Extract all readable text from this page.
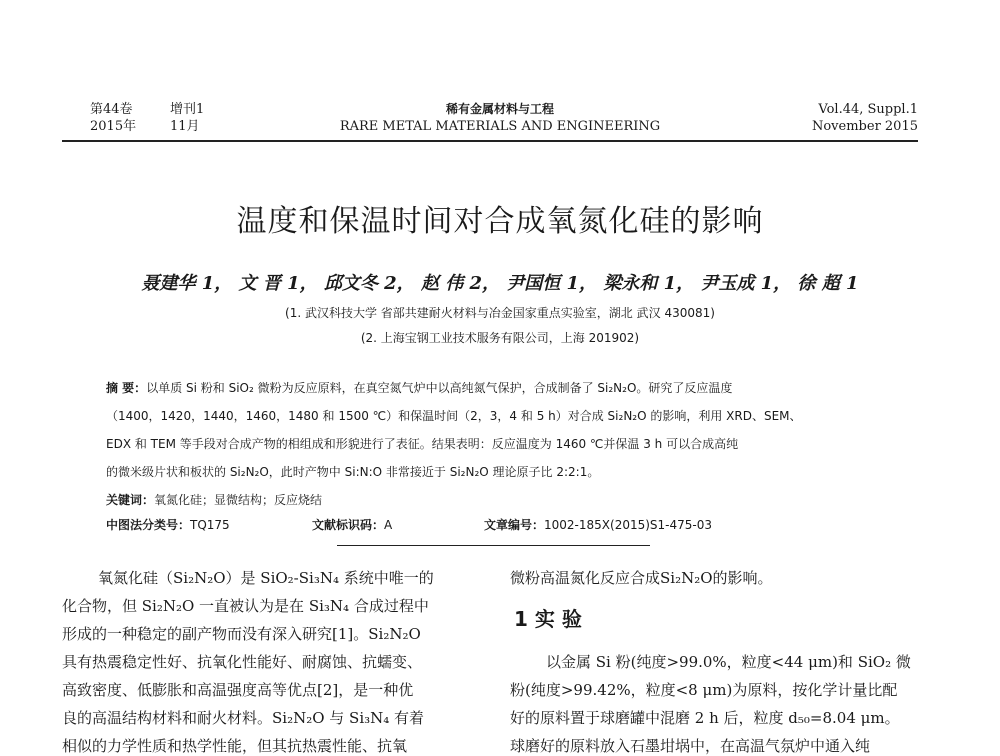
第44卷	增刊1
2015年	11月
稀有金属材料与工程
RARE METAL MATERIALS AND ENGINEERING
Vol.44, Suppl.1
November 2015
温度和保温时间对合成氧氮化硅的影响
聂建华 1， 文 晋 1， 邱文冬 2， 赵 伟 2， 尹国恒 1， 梁永和 1， 尹玉成 1， 徐 超 1
(1. 武汉科技大学 省部共建耐火材料与冶金国家重点实验室，湖北 武汉 430081)
(2. 上海宝钢工业技术服务有限公司，上海 201902)
摘 要：以单质 Si 粉和 SiO₂ 微粉为反应原料，在真空氮气炉中以高纯氮气保护，合成制备了 Si₂N₂O。研究了反应温度
（1400，1420，1440，1460，1480 和 1500 ℃）和保温时间（2，3，4 和 5 h）对合成 Si₂N₂O 的影响，利用 XRD、SEM、
EDX 和 TEM 等手段对合成产物的相组成和形貌进行了表征。结果表明：反应温度为 1460 ℃并保温 3 h 可以合成高纯
的微米级片状和板状的 Si₂N₂O，此时产物中 Si:N:O 非常接近于 Si₂N₂O 理论原子比 2:2:1。
关键词：氧氮化硅；显微结构；反应烧结
中图法分类号：TQ175	文献标识码：A	文章编号：1002-185X(2015)S1-475-03
氧氮化硅（Si₂N₂O）是 SiO₂-Si₃N₄ 系统中唯一的
化合物，但 Si₂N₂O 一直被认为是在 Si₃N₄ 合成过程中
形成的一种稳定的副产物而没有深入研究[1]。Si₂N₂O
具有热震稳定性好、抗氧化性能好、耐腐蚀、抗蠕变、
高致密度、低膨胀和高温强度高等优点[2]，是一种优
良的高温结构材料和耐火材料。Si₂N₂O 与 Si₃N₄ 有着
相似的力学性质和热学性能，但其抗热震性能、抗氧
微粉高温氮化反应合成Si₂N₂O的影响。
1 实 验
以金属 Si 粉(纯度>99.0%，粒度<44 μm)和 SiO₂ 微
粉(纯度>99.42%，粒度<8 μm)为原料，按化学计量比配
好的原料置于球磨罐中混磨 2 h 后，粒度 d₅₀=8.04 μm。
球磨好的原料放入石墨坩埚中，在高温气氛炉中通入纯
